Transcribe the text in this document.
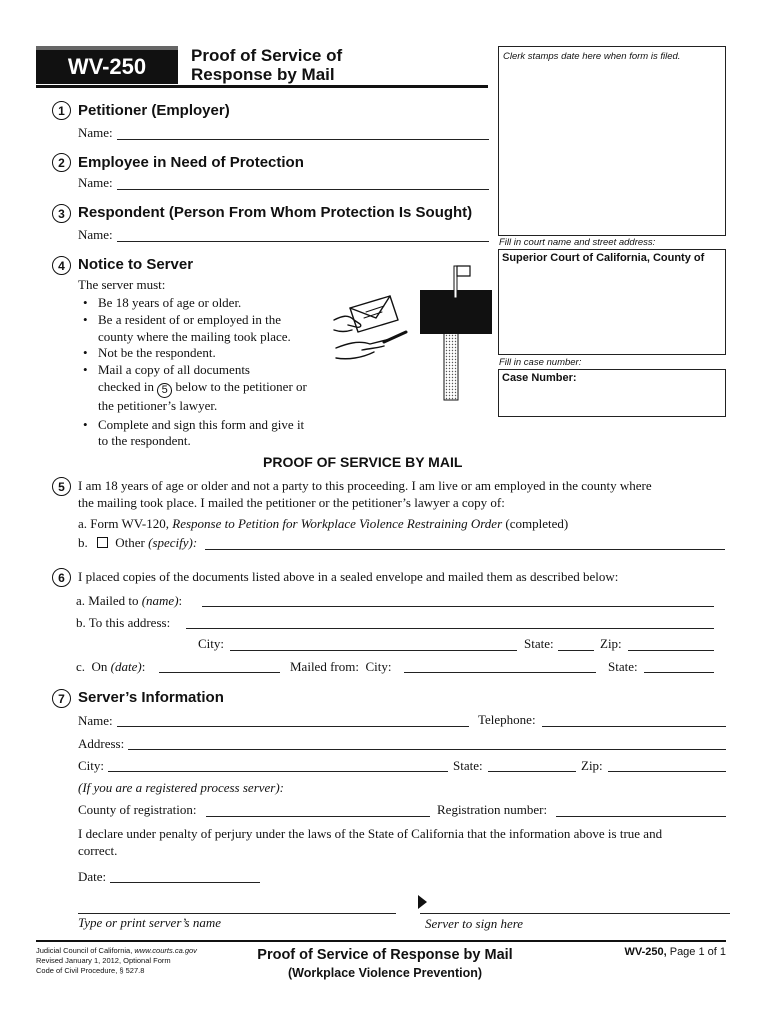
WV-250	Proof of Service of
Response by Mail
Clerk stamps date here when form is filed.
Fill in court name and street address:
Superior Court of California, County of
Fill in case number:
Case Number:
1 Petitioner (Employer)
Name:
2 Employee in Need of Protection
Name:
3 Respondent (Person From Whom Protection Is Sought)
Name:
4 Notice to Server
The server must:
• Be 18 years of age or older.
• Be a resident of or employed in the
county where the mailing took place.
• Not be the respondent.
• Mail a copy of all documents
checked in 5 below to the petitioner or
the petitioner’s lawyer.
• Complete and sign this form and give it
to the respondent.
PROOF OF SERVICE BY MAIL
5	I am 18 years of age or older and not a party to this proceeding. I am live or am employed in the county where
the mailing took place. I mailed the petitioner or the petitioner’s lawyer a copy of:
a. Form WV-120, Response to Petition for Workplace Violence Restraining Order (completed)
b. Other (specify):
6	I placed copies of the documents listed above in a sealed envelope and mailed them as described below:
a. Mailed to (name):
b. To this address:
City:	State:	Zip:
c. On (date):	Mailed from: City:	State:
7 Server’s Information
Name:	Telephone:
Address:
City:	State:	Zip:
(If you are a registered process server):
County of registration:	Registration number:
I declare under penalty of perjury under the laws of the State of California that the information above is true and
correct.
Date:
Type or print server’s name	Server to sign here
Judicial Council of California, www.courts.ca.gov
Revised January 1, 2012, Optional Form
Code of Civil Procedure, § 527.8
Proof of Service of Response by Mail
(Workplace Violence Prevention)
WV-250, Page 1 of 1
